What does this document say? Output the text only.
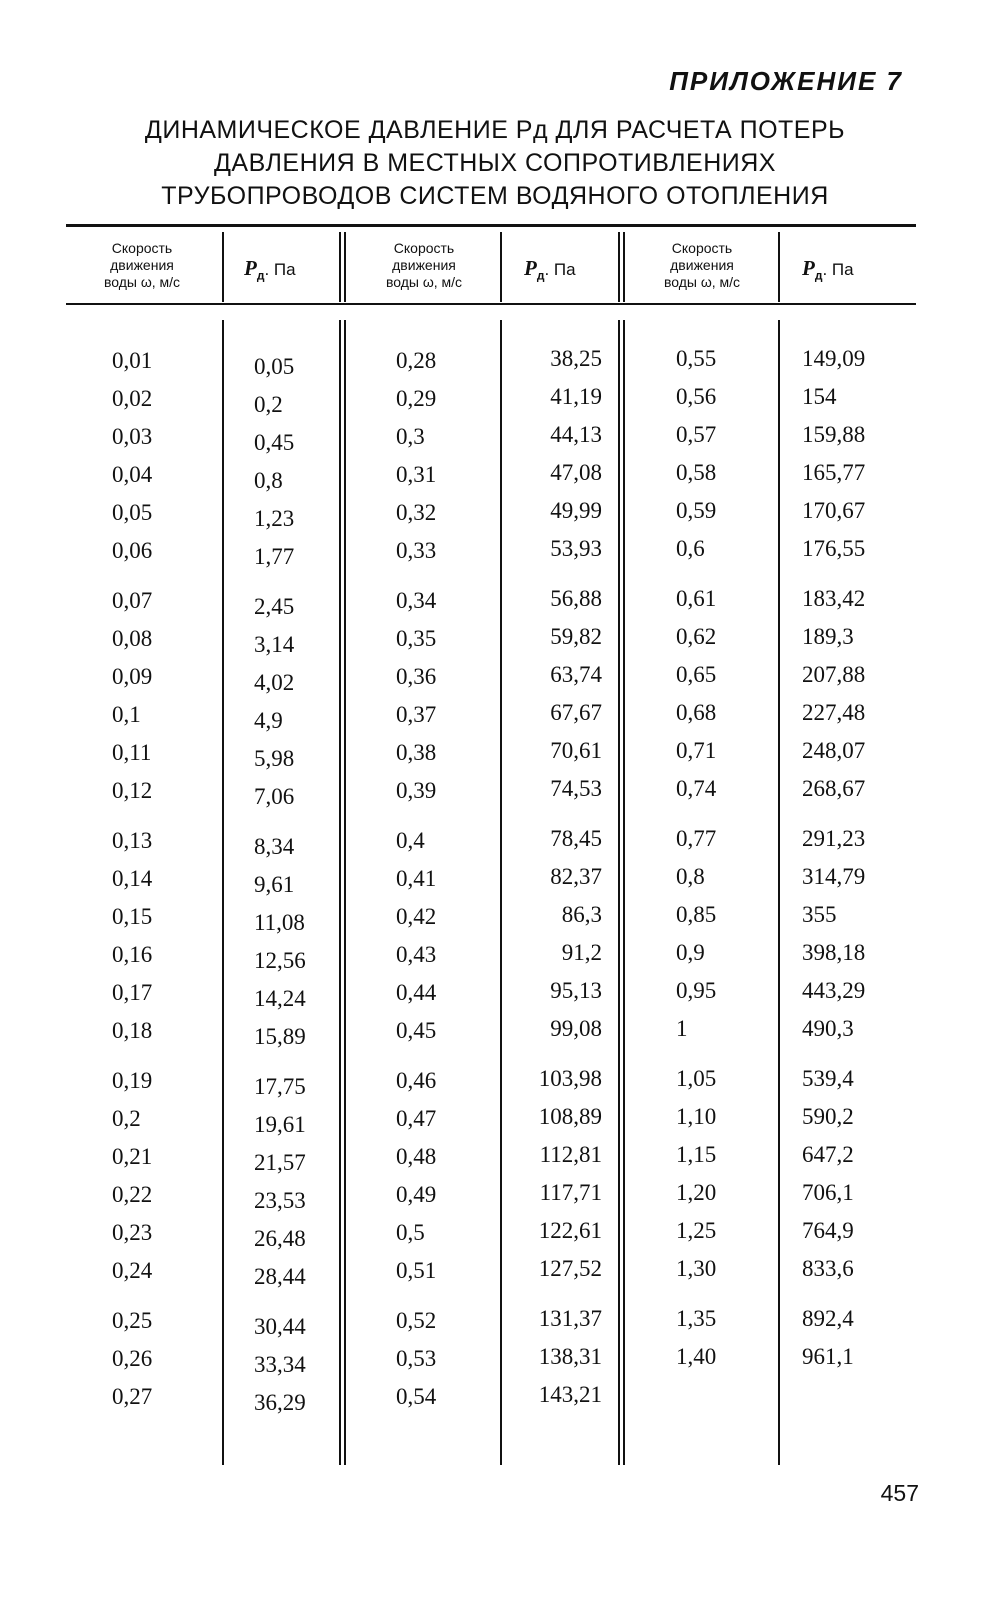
ПРИЛОЖЕНИЕ 7
ДИНАМИЧЕСКОЕ ДАВЛЕНИЕ Pд ДЛЯ РАСЧЕТА ПОТЕРЬ
ДАВЛЕНИЯ В МЕСТНЫХ СОПРОТИВЛЕНИЯХ
ТРУБОПРОВОДОВ СИСТЕМ ВОДЯНОГО ОТОПЛЕНИЯ
Скорость
движения
воды ω, м/с
$P_д$. Па
Скорость
движения
воды ω, м/с
$P_д$. Па
Скорость
движения
воды ω, м/с
$P_д$. Па
0,01
0,02
0,03
0,04
0,05
0,06
0,07
0,08
0,09
0,1
0,11
0,12
0,13
0,14
0,15
0,16
0,17
0,18
0,19
0,2
0,21
0,22
0,23
0,24
0,25
0,26
0,27
0,05
0,2
0,45
0,8
1,23
1,77
2,45
3,14
4,02
4,9
5,98
7,06
8,34
9,61
11,08
12,56
14,24
15,89
17,75
19,61
21,57
23,53
26,48
28,44
30,44
33,34
36,29
0,28
0,29
0,3
0,31
0,32
0,33
0,34
0,35
0,36
0,37
0,38
0,39
0,4
0,41
0,42
0,43
0,44
0,45
0,46
0,47
0,48
0,49
0,5
0,51
0,52
0,53
0,54
38,25
41,19
44,13
47,08
49,99
53,93
56,88
59,82
63,74
67,67
70,61
74,53
78,45
82,37
86,3
91,2
95,13
99,08
103,98
108,89
112,81
117,71
122,61
127,52
131,37
138,31
143,21
0,55
0,56
0,57
0,58
0,59
0,6
0,61
0,62
0,65
0,68
0,71
0,74
0,77
0,8
0,85
0,9
0,95
1
1,05
1,10
1,15
1,20
1,25
1,30
1,35
1,40
149,09
154
159,88
165,77
170,67
176,55
183,42
189,3
207,88
227,48
248,07
268,67
291,23
314,79
355
398,18
443,29
490,3
539,4
590,2
647,2
706,1
764,9
833,6
892,4
961,1
457
